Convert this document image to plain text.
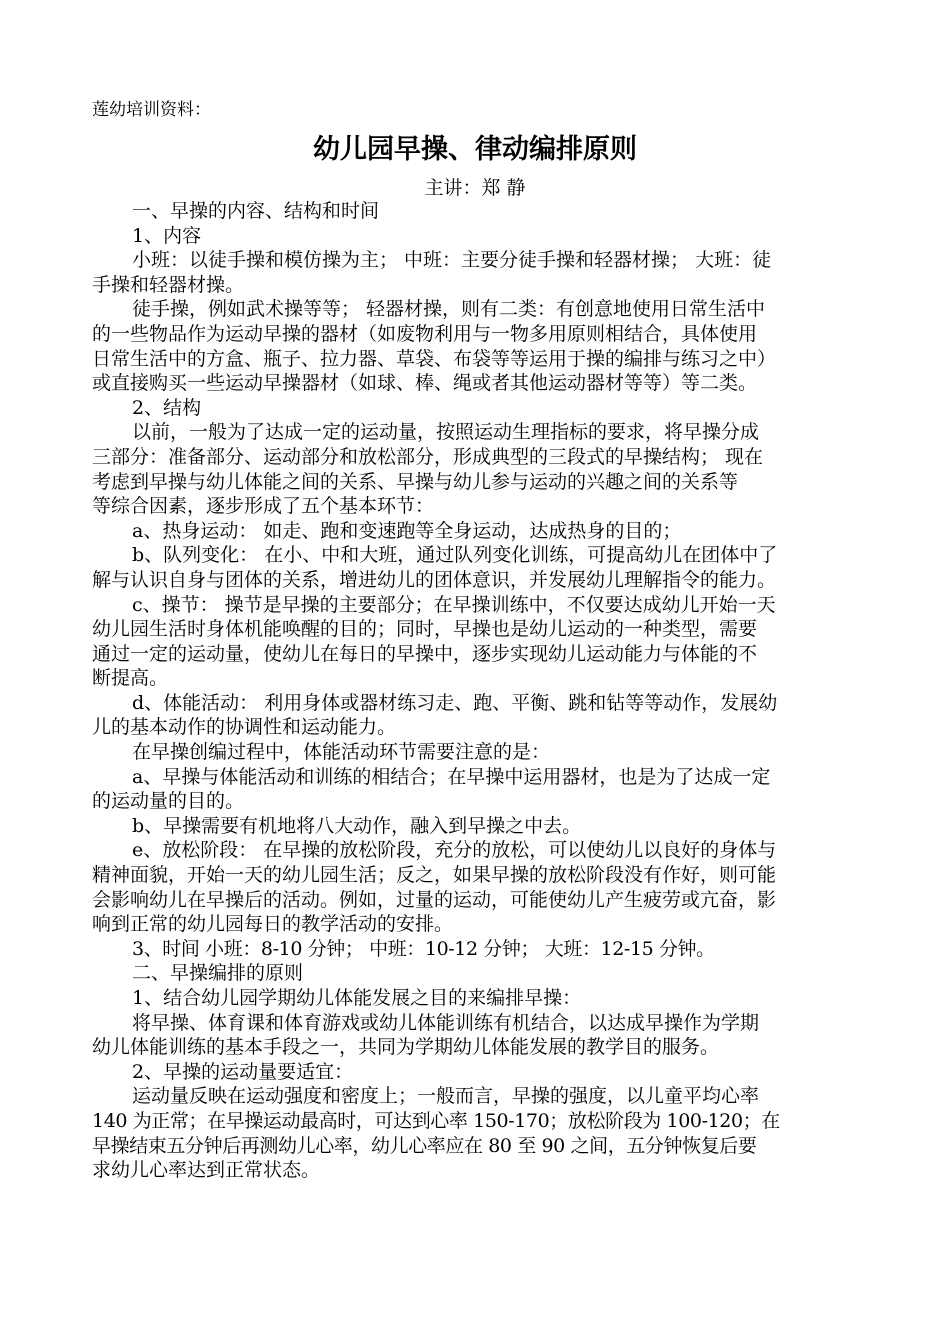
莲幼培训资料：
幼儿园早操、律动编排原则
主讲：郑 静
一、早操的内容、结构和时间
1、内容
小班：以徒手操和模仿操为主； 中班：主要分徒手操和轻器材操； 大班：徒
手操和轻器材操。
徒手操，例如武术操等等； 轻器材操，则有二类：有创意地使用日常生活中
的一些物品作为运动早操的器材（如废物利用与一物多用原则相结合，具体使用
日常生活中的方盒、瓶子、拉力器、草袋、布袋等等运用于操的编排与练习之中）
或直接购买一些运动早操器材（如球、棒、绳或者其他运动器材等等）等二类。
2、结构
以前，一般为了达成一定的运动量，按照运动生理指标的要求，将早操分成
三部分：准备部分、运动部分和放松部分，形成典型的三段式的早操结构； 现在
考虑到早操与幼儿体能之间的关系、早操与幼儿参与运动的兴趣之间的关系等
等综合因素，逐步形成了五个基本环节：
a、热身运动： 如走、跑和变速跑等全身运动，达成热身的目的；
b、队列变化： 在小、中和大班，通过队列变化训练，可提高幼儿在团体中了
解与认识自身与团体的关系，增进幼儿的团体意识，并发展幼儿理解指令的能力。
c、操节： 操节是早操的主要部分；在早操训练中，不仅要达成幼儿开始一天
幼儿园生活时身体机能唤醒的目的；同时，早操也是幼儿运动的一种类型，需要
通过一定的运动量，使幼儿在每日的早操中，逐步实现幼儿运动能力与体能的不
断提高。
d、体能活动： 利用身体或器材练习走、跑、平衡、跳和钻等等动作，发展幼
儿的基本动作的协调性和运动能力。
在早操创编过程中，体能活动环节需要注意的是：
a、早操与体能活动和训练的相结合；在早操中运用器材，也是为了达成一定
的运动量的目的。
b、早操需要有机地将八大动作，融入到早操之中去。
e、放松阶段： 在早操的放松阶段，充分的放松，可以使幼儿以良好的身体与
精神面貌，开始一天的幼儿园生活；反之，如果早操的放松阶段没有作好，则可能
会影响幼儿在早操后的活动。例如，过量的运动，可能使幼儿产生疲劳或亢奋，影
响到正常的幼儿园每日的教学活动的安排。
3、时间 小班：8-10 分钟； 中班：10-12 分钟； 大班：12-15 分钟。
二、早操编排的原则
1、结合幼儿园学期幼儿体能发展之目的来编排早操：
将早操、体育课和体育游戏或幼儿体能训练有机结合，以达成早操作为学期
幼儿体能训练的基本手段之一，共同为学期幼儿体能发展的教学目的服务。
2、早操的运动量要适宜：
运动量反映在运动强度和密度上；一般而言，早操的强度，以儿童平均心率
140 为正常；在早操运动最高时，可达到心率 150-170；放松阶段为 100-120；在
早操结束五分钟后再测幼儿心率，幼儿心率应在 80 至 90 之间，五分钟恢复后要
求幼儿心率达到正常状态。
